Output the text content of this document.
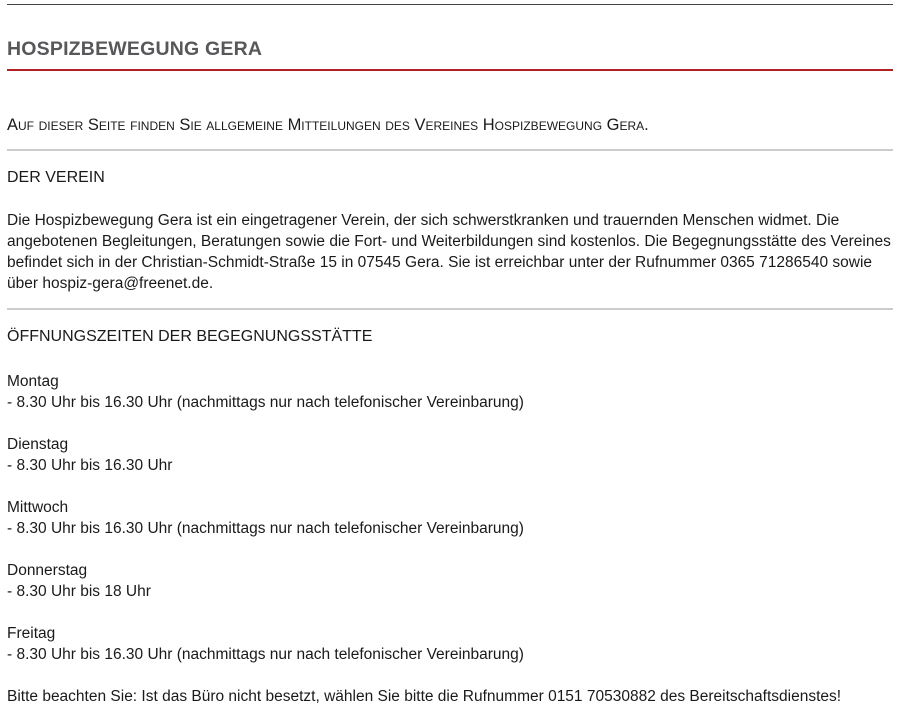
HOSPIZBEWEGUNG GERA

Auf dieser Seite finden Sie allgemeine Mitteilungen des Vereines Hospizbewegung Gera.

DER VEREIN

Die Hospizbewegung Gera ist ein eingetragener Verein, der sich schwerstkranken und trauernden Menschen widmet. Die angebotenen Begleitungen, Beratungen sowie die Fort- und Weiterbildungen sind kostenlos. Die Begegnungsstätte des Vereines befindet sich in der Christian-Schmidt-Straße 15 in 07545 Gera. Sie ist erreichbar unter der Rufnummer 0365 71286540 sowie über hospiz-gera@freenet.de.

ÖFFNUNGSZEITEN DER BEGEGNUNGSSTÄTTE
Montag
- 8.30 Uhr bis 16.30 Uhr (nachmittags nur nach telefonischer Vereinbarung)
Dienstag
- 8.30 Uhr bis 16.30 Uhr
Mittwoch
- 8.30 Uhr bis 16.30 Uhr (nachmittags nur nach telefonischer Vereinbarung)
Donnerstag
- 8.30 Uhr bis 18 Uhr
Freitag
- 8.30 Uhr bis 16.30 Uhr (nachmittags nur nach telefonischer Vereinbarung)

Bitte beachten Sie: Ist das Büro nicht besetzt, wählen Sie bitte die Rufnummer 0151 70530882 des Bereitschaftsdienstes!
